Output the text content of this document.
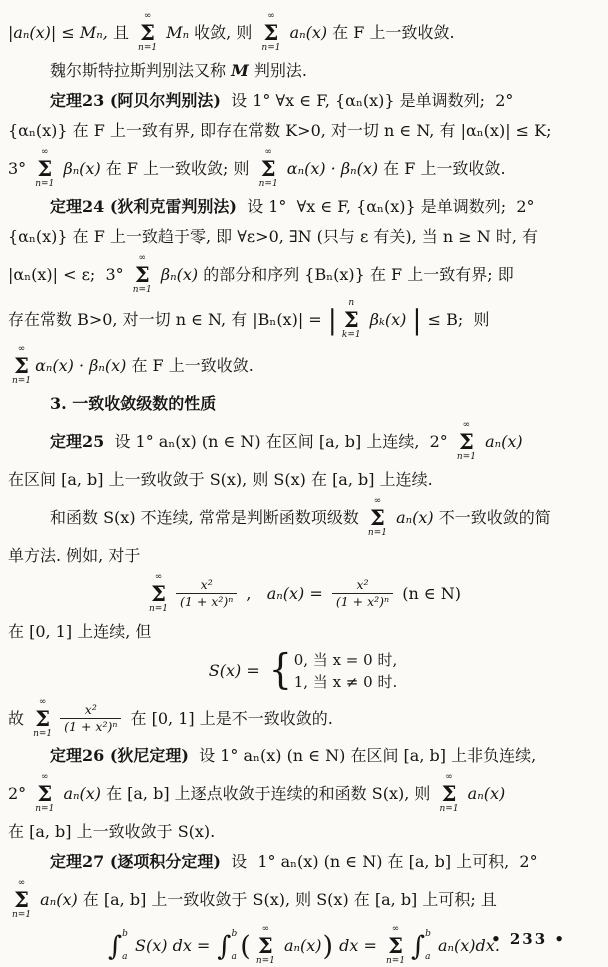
|aₙ(x)| ≤ Mₙ, 且
∞
Σ
n=1
Mₙ 收敛, 则
∞
Σ
n=1
aₙ(x) 在 F 上一致收敛.
魏尔斯特拉斯判别法又称 M 判别法.
定理23 (阿贝尔判别法) 设 1° ∀x ∈ F, {αₙ(x)} 是单调数列;  2°
{αₙ(x)} 在 F 上一致有界, 即存在常数 K>0, 对一切 n ∈ N, 有 |αₙ(x)| ≤ K;
3°
∞
Σ
n=1
βₙ(x) 在 F 上一致收敛; 则
∞
Σ
n=1
αₙ(x) · βₙ(x) 在 F 上一致收敛.
定理24 (狄利克雷判别法) 设 1°  ∀x ∈ F, {αₙ(x)} 是单调数列;  2°
{αₙ(x)} 在 F 上一致趋于零, 即 ∀ε>0, ∃N (只与 ε 有关), 当 n ≥ N 时, 有
|αₙ(x)| < ε;  3°
∞
Σ
n=1
βₙ(x) 的部分和序列 {Bₙ(x)} 在 F 上一致有界; 即
存在常数 B>0, 对一切 n ∈ N, 有 |Bₙ(x)| = |
n
Σ
k=1
βₖ(x) | ≤ B;  则
∞
Σ
n=1
αₙ(x) · βₙ(x) 在 F 上一致收敛.
3. 一致收敛级数的性质
定理25 设 1° aₙ(x) (n ∈ N) 在区间 [a, b] 上连续,  2°
∞
Σ
n=1
aₙ(x)
在区间 [a, b] 上一致收敛于 S(x), 则 S(x) 在 [a, b] 上连续.
和函数 S(x) 不连续, 常常是判断函数项级数
∞
Σ
n=1
aₙ(x) 不一致收敛的简
单方法. 例如, 对于
∞
Σ
$n=1 \frac{\text{x²}}{\text{(1 + x²)ⁿ}}$ , $a_n(x) = \frac{\text{x²}}{\text{(1 + x²)ⁿ}} (n$ ∈ N)
在 [0, 1] 上连续, 但
S(x) = { 0, 当 x = 0 时,
1, 当 x ≠ 0 时.
故
∞
Σ
$n=1 \frac{\text{x²}}{\text{(1 + x²)ⁿ}}$ 在 [0, 1] 上是不一致收敛的.
定理26 (狄尼定理) 设 1° aₙ(x) (n ∈ N) 在区间 [a, b] 上非负连续,
2°
∞
Σ
n=1
aₙ(x) 在 [a, b] 上逐点收敛于连续的和函数 S(x), 则
∞
Σ
n=1
aₙ(x)
在 [a, b] 上一致收敛于 S(x).
定理27 (逐项积分定理) 设  1° aₙ(x) (n ∈ N) 在 [a, b] 上可积,  2°
∞
Σ
n=1
aₙ(x) 在 [a, b] 上一致收敛于 S(x), 则 S(x) 在 [a, b] 上可积; 且
∫ b
a
S(x) dx = ∫ b
a (
∞
Σ
n=1
aₙ(x) ) dx =
∞
Σ
n=1 ∫ b
a
aₙ(x)dx.
• 233 •
